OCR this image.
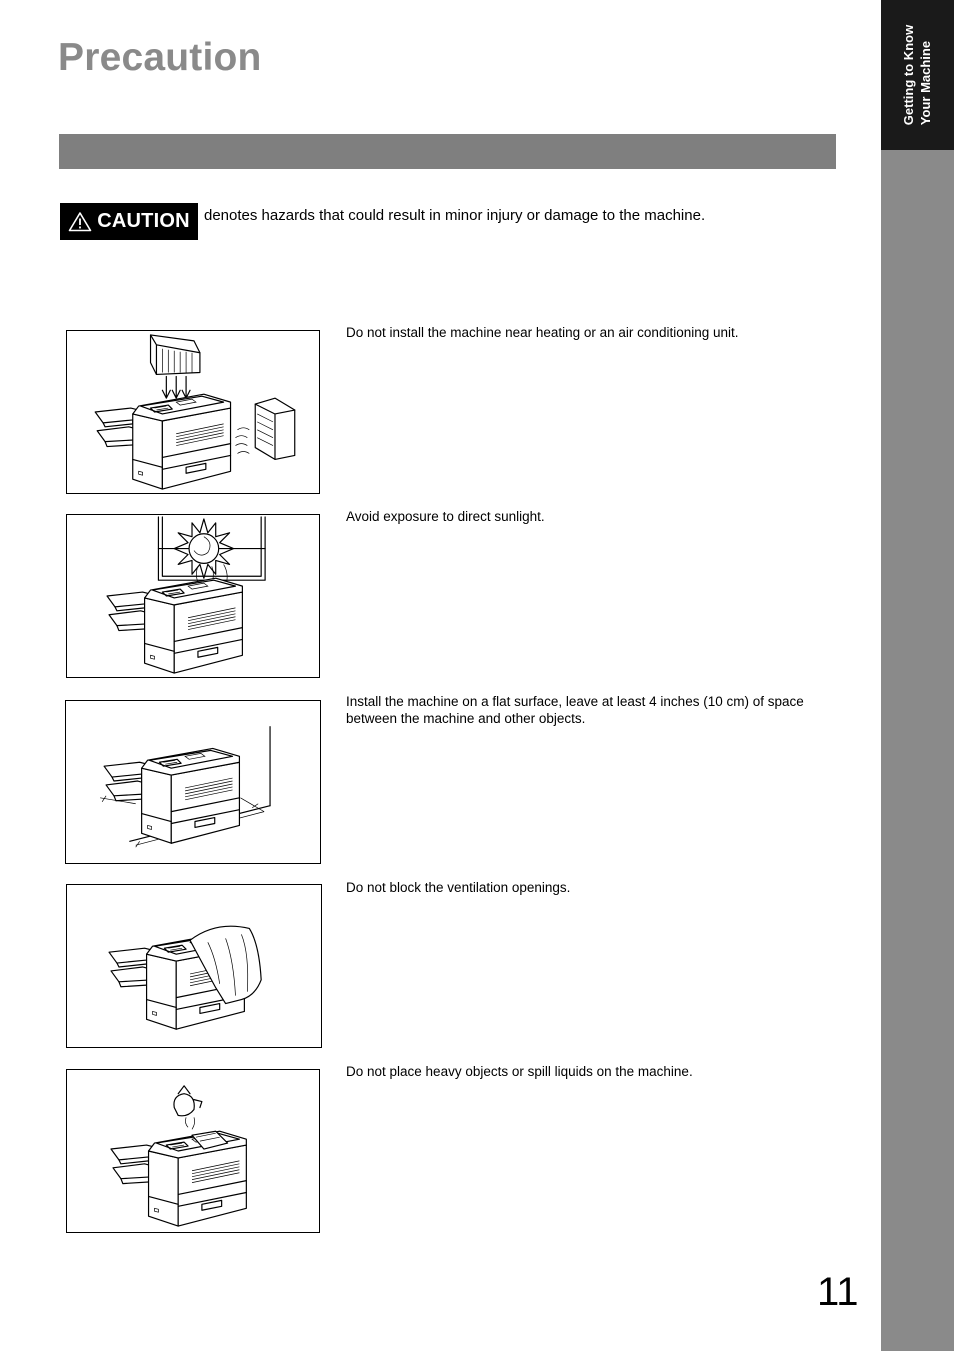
Precaution
CAUTION denotes hazards that could result in minor injury or damage to the machine.
Do not install the machine near heating or an air conditioning unit.
Avoid exposure to direct sunlight.
Install the machine on a flat surface, leave at least 4 inches (10 cm) of space between the machine and other objects.
Do not block the ventilation openings.
Do not place heavy objects or spill liquids on the machine.
Getting to Know Your Machine
11
